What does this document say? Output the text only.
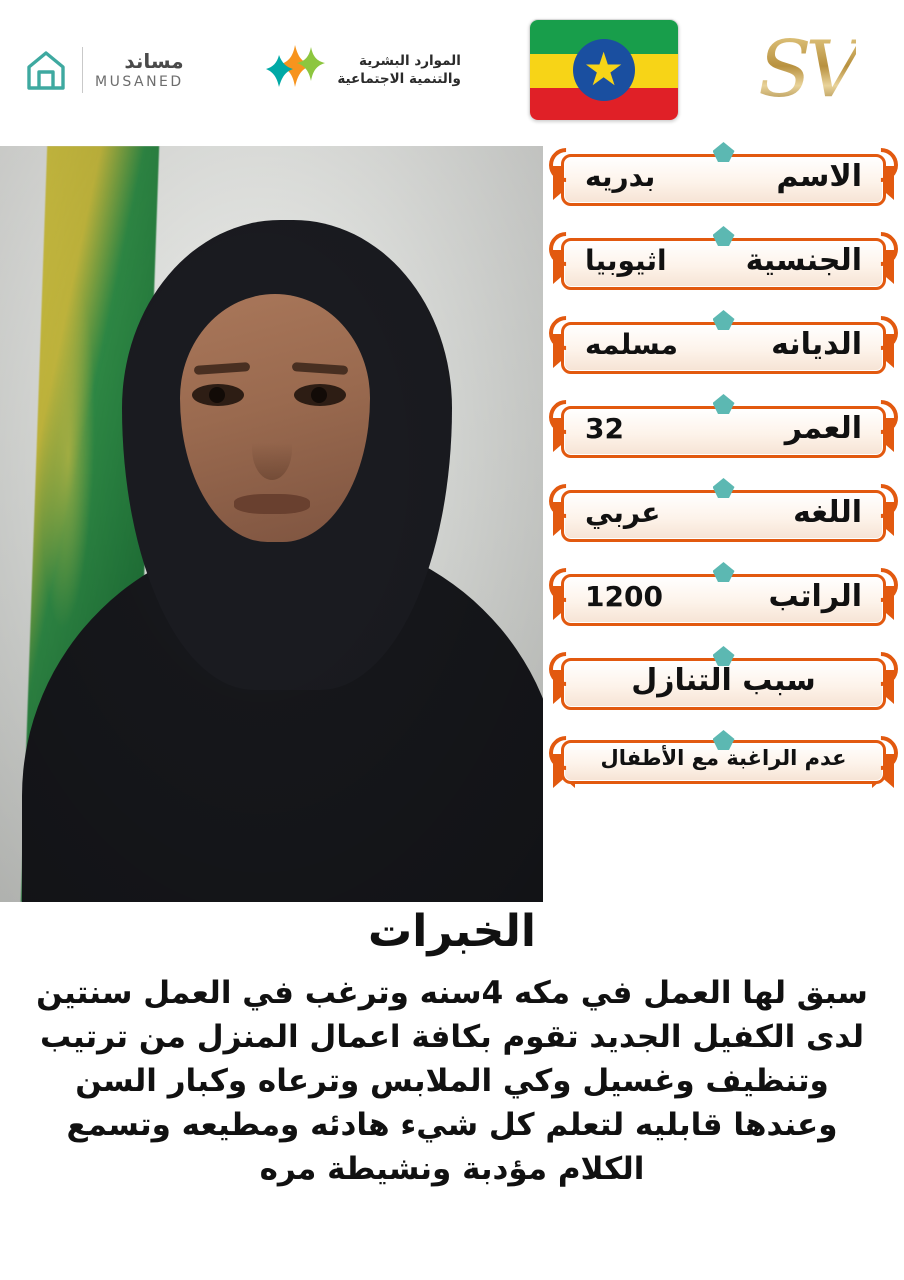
مساند
MUSANED
الموارد البشرية
والتنمية الاجتماعية	★ SV
الاسم
بدريه
الجنسية
اثيوبيا
الديانه
مسلمه
العمر
32
اللغه
عربي
الراتب
1200
سبب التنازل
عدم الراغبة مع الأطفال
الخبرات
سبق لها العمل في مكه 4سنه وترغب في العمل سنتين لدى الكفيل الجديد تقوم بكافة اعمال المنزل من ترتيب وتنظيف وغسيل وكي الملابس وترعاه وكبار السن وعندها قابليه لتعلم كل شيء هادئه ومطيعه وتسمع الكلام مؤدبة ونشيطة مره
